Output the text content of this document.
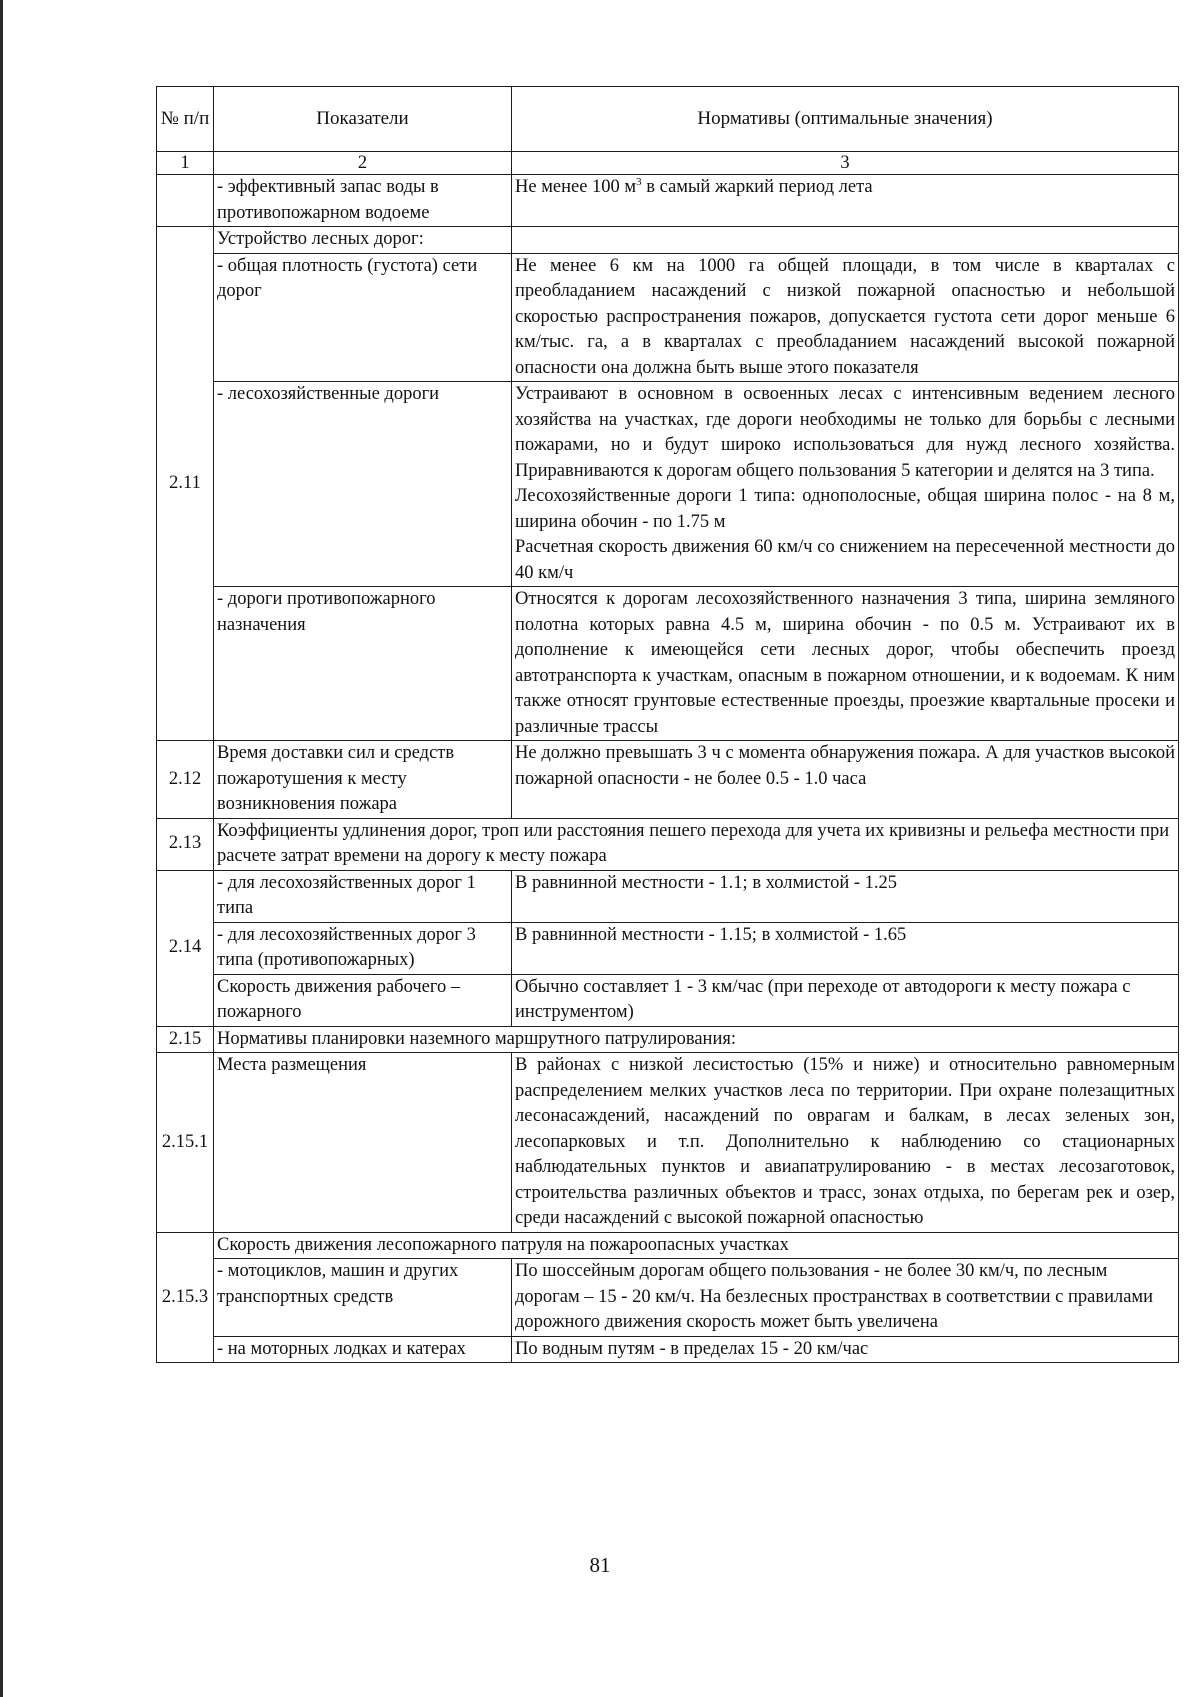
№ п/п	Показатели	Нормативы (оптимальные значения)
1	2	3
	- эффективный запас воды в противопожарном водоеме	Не менее 100 $м^3$ в самый жаркий период лета
2.11	Устройство лесных дорог:	
	- общая плотность (густота) сети дорог	Не менее 6 км на 1000 га общей площади, в том числе в кварталах с преобладанием насаждений с низкой пожарной опасностью и небольшой скоростью распространения пожаров, допускается густота сети дорог меньше 6 км/тыс. га, а в кварталах с преобладанием насаждений высокой пожарной опасности она должна быть выше этого показателя
	- лесохозяйственные дороги	Устраивают в основном в освоенных лесах с интенсивным ведением лесного хозяйства на участках, где дороги необходимы не только для борьбы с лесными пожарами, но и будут широко использоваться для нужд лесного хозяйства. Приравниваются к дорогам общего пользования 5 категории и делятся на 3 типа.
Лесохозяйственные дороги 1 типа: однополосные, общая ширина полос - на 8 м, ширина обочин - по 1.75 м
Расчетная скорость движения 60 км/ч со снижением на пересеченной местности до 40 км/ч

	- дороги противопожарного назначения	Относятся к дорогам лесохозяйственного назначения 3 типа, ширина земляного полотна которых равна 4.5 м, ширина обочин - по 0.5 м. Устраивают их в дополнение к имеющейся сети лесных дорог, чтобы обеспечить проезд автотранспорта к участкам, опасным в пожарном отношении, и к водоемам. К ним также относят грунтовые естественные проезды, проезжие квартальные просеки и различные трассы
2.12	Время доставки сил и средств пожаротушения к месту возникновения пожара	Не должно превышать 3 ч с момента обнаружения пожара. А для участков высокой пожарной опасности - не более 0.5 - 1.0 часа
2.13	Коэффициенты удлинения дорог, троп или расстояния пешего перехода для учета их кривизны и рельефа местности при расчете затрат времени на дорогу к месту пожара	
2.14	- для лесохозяйственных дорог 1 типа	В равнинной местности - 1.1; в холмистой - 1.25
	- для лесохозяйственных дорог 3 типа (противопожарных)	В равнинной местности - 1.15; в холмистой - 1.65
	Скорость движения рабочего – пожарного	Обычно составляет 1 - 3 км/час (при переходе от автодороги к месту пожара с инструментом)
2.15	Нормативы планировки наземного маршрутного патрулирования:	
2.15.1	Места размещения	В районах с низкой лесистостью (15% и ниже) и относительно равномерным распределением мелких участков леса по территории. При охране полезащитных лесонасаждений, насаждений по оврагам и балкам, в лесах зеленых зон, лесопарковых и т.п. Дополнительно к наблюдению со стационарных наблюдательных пунктов и авиапатрулированию - в местах лесозаготовок, строительства различных объектов и трасс, зонах отдыха, по берегам рек и озер, среди насаждений с высокой пожарной опасностью
2.15.3	Скорость движения лесопожарного патруля на пожароопасных участках	
	- мотоциклов, машин и других транспортных средств	По шоссейным дорогам общего пользования - не более 30 км/ч, по лесным дорогам – 15 - 20 км/ч. На безлесных пространствах в соответствии с правилами дорожного движения скорость может быть увеличена
	- на моторных лодках и катерах	По водным путям - в пределах 15 - 20 км/час
81
